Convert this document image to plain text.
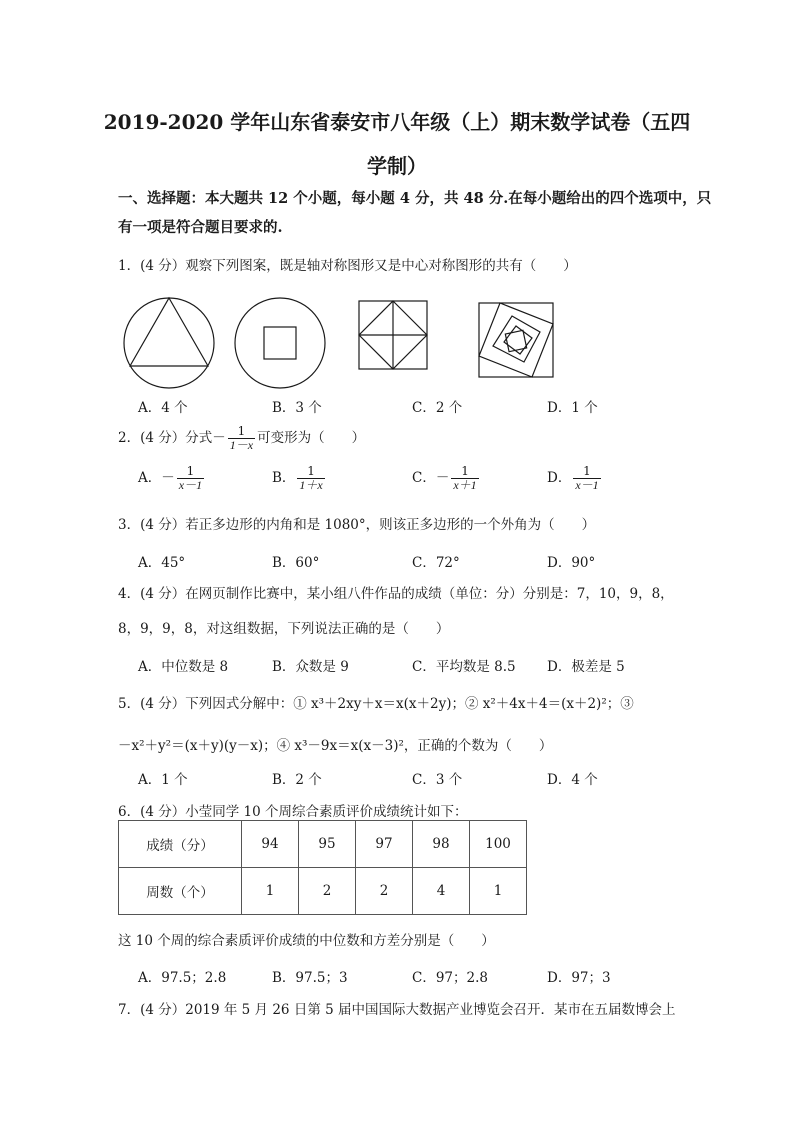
2019-2020 学年山东省泰安市八年级（上）期末数学试卷（五四
学制）
一、选择题：本大题共 12 个小题，每小题 4 分，共 48 分.在每小题给出的四个选项中，只
有一项是符合题目要求的.
1．(4 分）观察下列图案，既是轴对称图形又是中心对称图形的共有（　　）
A．4 个	B．3 个	C．2 个	D．1 个
2．(4 分）分式－ $\frac{1}{1-x}$ 可变形为（　　）
A．－ $\frac{1}{x-1}$	B． $\frac{1}{1+x}$	C．－ $\frac{1}{x+1}$	D． $\frac{1}{x-1}$
3．(4 分）若正多边形的内角和是 1080°，则该正多边形的一个外角为（　　）
A．45°	B．60°	C．72°	D．90°
4．(4 分）在网页制作比赛中，某小组八件作品的成绩（单位：分）分别是：7，10，9，8，
8，9，9，8，对这组数据，下列说法正确的是（　　）
A．中位数是 8	B．众数是 9	C．平均数是 8.5 D．极差是 5
5．(4 分）下列因式分解中：① x³＋2xy＋x＝x(x＋2y)；② x²＋4x＋4＝(x＋2)²；③
－x²＋y²＝(x＋y)(y－x)；④ x³－9x＝x(x－3)²，正确的个数为（　　）
A．1 个	B．2 个	C．3 个	D．4 个
6．(4 分）小莹同学 10 个周综合素质评价成绩统计如下：
成绩（分）	94	95	97	98	100
周数（个）	1	2	2	4	1
这 10 个周的综合素质评价成绩的中位数和方差分别是（　　）
A．97.5；2.8	B．97.5；3	C．97；2.8	D．97；3
7．(4 分）2019 年 5 月 26 日第 5 届中国国际大数据产业博览会召开．某市在五届数博会上
